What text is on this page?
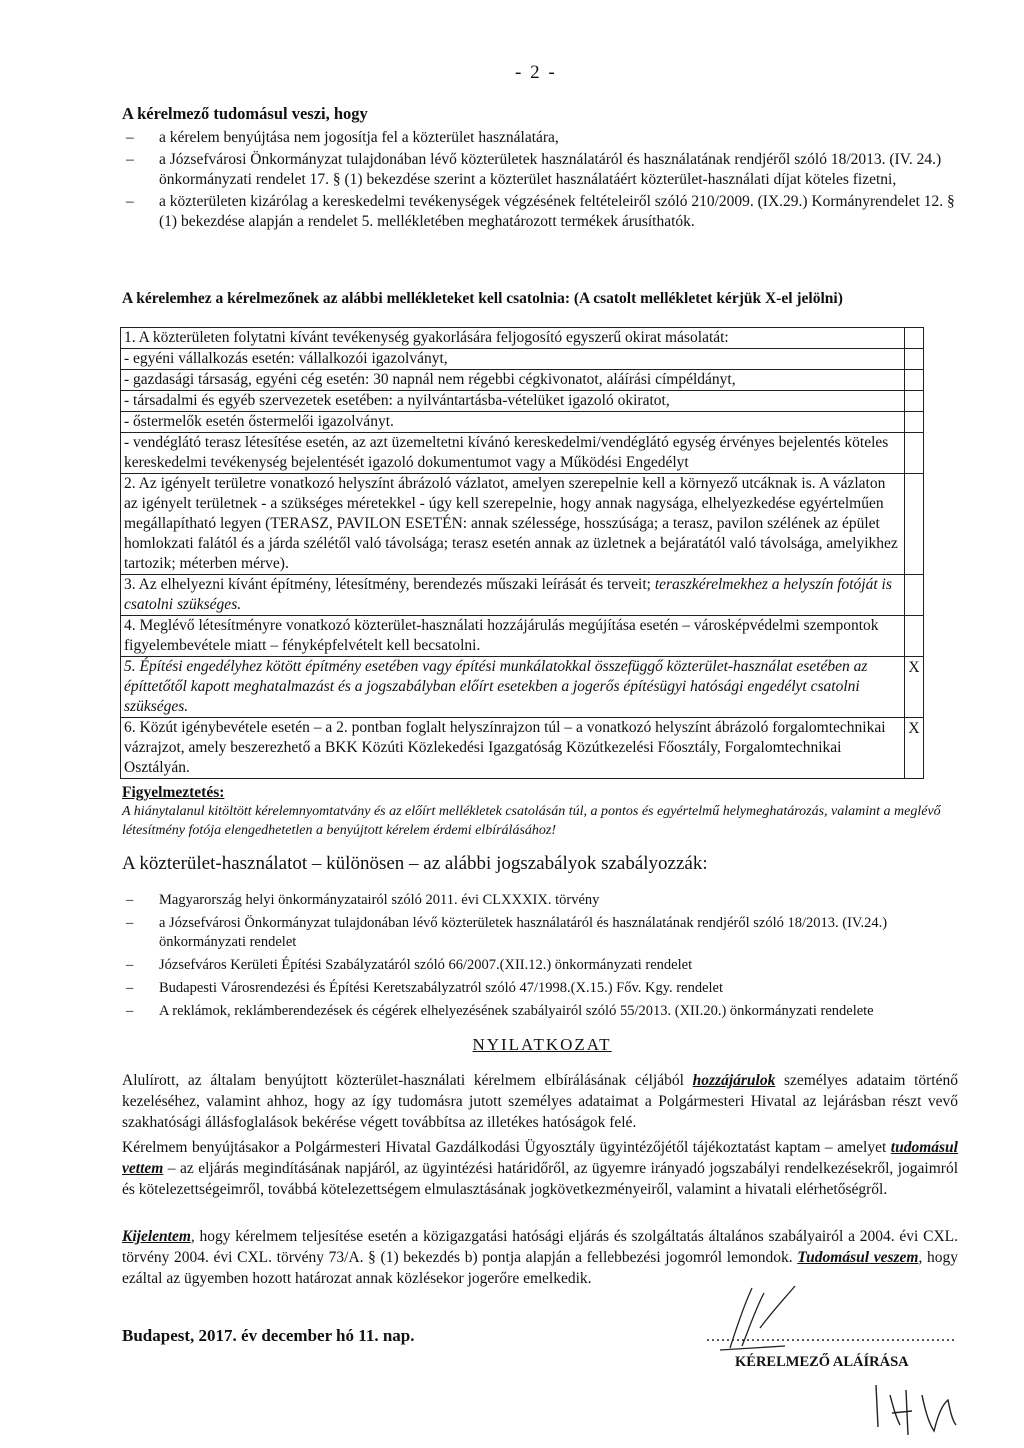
- 2 -
A kérelmező tudomásul veszi, hogy
– a kérelem benyújtása nem jogosítja fel a közterület használatára,
– a Józsefvárosi Önkormányzat tulajdonában lévő közterületek használatáról és használatának rendjéről szóló 18/2013. (IV. 24.) önkormányzati rendelet 17. § (1) bekezdése szerint a közterület használatáért közterület-használati díjat köteles fizetni,
– a közterületen kizárólag a kereskedelmi tevékenységek végzésének feltételeiről szóló 210/2009. (IX.29.) Kormányrendelet 12. § (1) bekezdése alapján a rendelet 5. mellékletében meghatározott termékek árusíthatók.
A kérelemhez a kérelmezőnek az alábbi mellékleteket kell csatolnia: (A csatolt mellékletet kérjük X-el jelölni)
1. A közterületen folytatni kívánt tevékenység gyakorlására feljogosító egyszerű okirat másolatát:	
- egyéni vállalkozás esetén: vállalkozói igazolványt,	
- gazdasági társaság, egyéni cég esetén: 30 napnál nem régebbi cégkivonatot, aláírási címpéldányt,	
- társadalmi és egyéb szervezetek esetében: a nyilvántartásba-vételüket igazoló okiratot,	
- őstermelők esetén őstermelői igazolványt.	
- vendéglátó terasz létesítése esetén, az azt üzemeltetni kívánó kereskedelmi/vendéglátó egység érvényes bejelentés köteles kereskedelmi tevékenység bejelentését igazoló dokumentumot vagy a Működési Engedélyt	
2. Az igényelt területre vonatkozó helyszínt ábrázoló vázlatot, amelyen szerepelnie kell a környező utcáknak is. A vázlaton az igényelt területnek - a szükséges méretekkel - úgy kell szerepelnie, hogy annak nagysága, elhelyezkedése egyértelműen megállapítható legyen (TERASZ, PAVILON ESETÉN: annak szélessége, hosszúsága; a terasz, pavilon szélének az épület homlokzati falától és a járda szélétől való távolsága; terasz esetén annak az üzletnek a bejáratától való távolsága, amelyikhez tartozik; méterben mérve).	
3. Az elhelyezni kívánt építmény, létesítmény, berendezés műszaki leírását és terveit; teraszkérelmekhez a helyszín fotóját is csatolni szükséges.	
4. Meglévő létesítményre vonatkozó közterület-használati hozzájárulás megújítása esetén – városképvédelmi szempontok figyelembevétele miatt – fényképfelvételt kell becsatolni.	
5. Építési engedélyhez kötött építmény esetében vagy építési munkálatokkal összefüggő közterület-használat esetében az építtetőtől kapott meghatalmazást és a jogszabályban előírt esetekben a jogerős építésügyi hatósági engedélyt csatolni szükséges.	X
6. Közút igénybevétele esetén – a 2. pontban foglalt helyszínrajzon túl – a vonatkozó helyszínt ábrázoló forgalomtechnikai vázrajzot, amely beszerezhető a BKK Közúti Közlekedési Igazgatóság Közútkezelési Főosztály, Forgalomtechnikai Osztályán.	X
Figyelmeztetés:
A hiánytalanul kitöltött kérelemnyomtatvány és az előírt mellékletek csatolásán túl, a pontos és egyértelmű helymeghatározás, valamint a meglévő létesítmény fotója elengedhetetlen a benyújtott kérelem érdemi elbírálásához!
A közterület-használatot – különösen – az alábbi jogszabályok szabályozzák:
– Magyarország helyi önkormányzatairól szóló 2011. évi CLXXXIX. törvény
– a Józsefvárosi Önkormányzat tulajdonában lévő közterületek használatáról és használatának rendjéről szóló 18/2013. (IV.24.) önkormányzati rendelet
– Józsefváros Kerületi Építési Szabályzatáról szóló 66/2007.(XII.12.) önkormányzati rendelet
– Budapesti Városrendezési és Építési Keretszabályzatról szóló 47/1998.(X.15.) Főv. Kgy. rendelet
– A reklámok, reklámberendezések és cégérek elhelyezésének szabályairól szóló 55/2013. (XII.20.) önkormányzati rendelete
NYILATKOZAT
Alulírott, az általam benyújtott közterület-használati kérelmem elbírálásának céljából hozzájárulok személyes adataim történő kezeléséhez, valamint ahhoz, hogy az így tudomásra jutott személyes adataimat a Polgármesteri Hivatal az lejárásban részt vevő szakhatósági állásfoglalások bekérése végett továbbítsa az illetékes hatóságok felé.
Kérelmem benyújtásakor a Polgármesteri Hivatal Gazdálkodási Ügyosztály ügyintézőjétől tájékoztatást kaptam – amelyet tudomásul vettem – az eljárás megindításának napjáról, az ügyintézési határidőről, az ügyemre irányadó jogszabályi rendelkezésekről, jogaimról és kötelezettségeimről, továbbá kötelezettségem elmulasztásának jogkövetkezményeiről, valamint a hivatali elérhetőségről.
Kijelentem, hogy kérelmem teljesítése esetén a közigazgatási hatósági eljárás és szolgáltatás általános szabályairól a 2004. évi CXL. törvény 2004. évi CXL. törvény 73/A. § (1) bekezdés b) pontja alapján a fellebbezési jogomról lemondok. Tudomásul veszem, hogy ezáltal az ügyemben hozott határozat annak közlésekor jogerőre emelkedik.
Budapest, 2017. év december hó 11. nap.	..................................................
KÉRELMEZŐ ALÁÍRÁSA
